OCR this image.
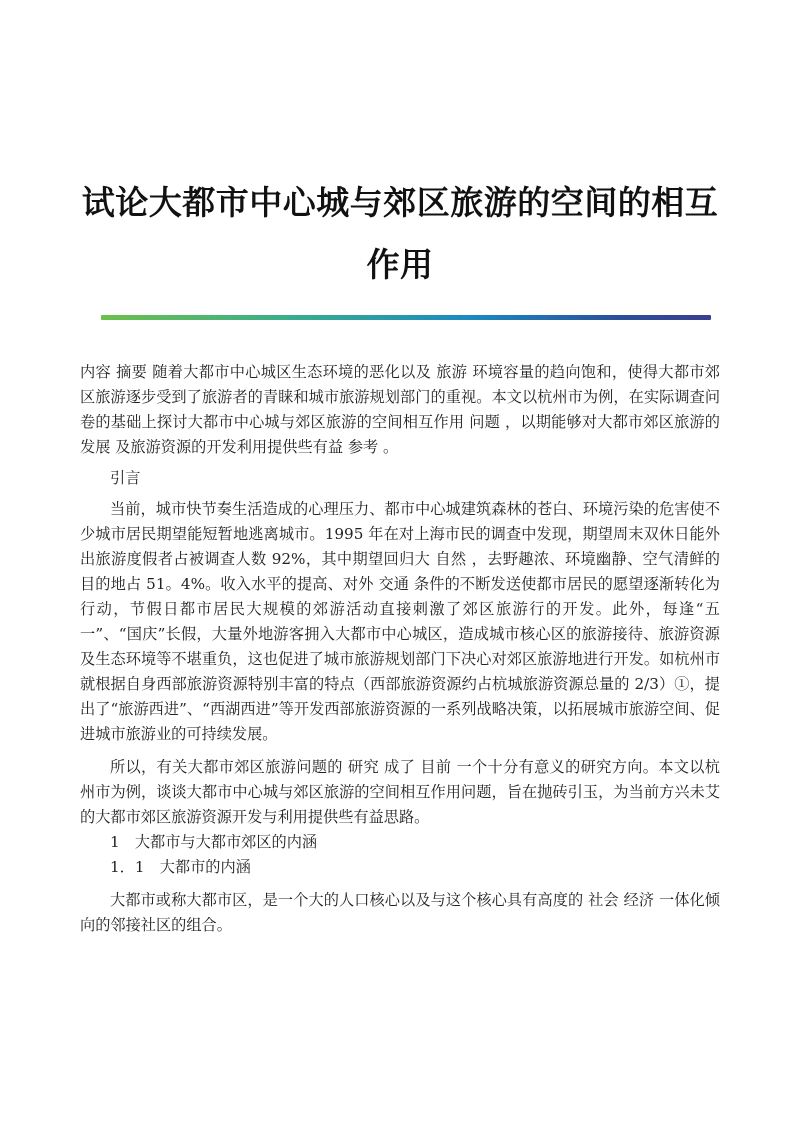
试论大都市中心城与郊区旅游的空间的相互
作用

内容 摘要 随着大都市中心城区生态环境的恶化以及 旅游 环境容量的趋向饱和，使得大都市郊区旅游逐步受到了旅游者的青睐和城市旅游规划部门的重视。本文以杭州市为例，在实际调查问卷的基础上探讨大都市中心城与郊区旅游的空间相互作用 问题 ，以期能够对大都市郊区旅游的 发展 及旅游资源的开发利用提供些有益 参考 。

引言

当前，城市快节奏生活造成的心理压力、都市中心城建筑森林的苍白、环境污染的危害使不少城市居民期望能短暂地逃离城市。1995 年在对上海市民的调查中发现，期望周末双休日能外出旅游度假者占被调查人数 92%，其中期望回归大 自然 ，去野趣浓、环境幽静、空气清鲜的目的地占 51。4%。收入水平的提高、对外 交通 条件的不断发送使都市居民的愿望逐渐转化为行动，节假日都市居民大规模的郊游活动直接刺激了郊区旅游行的开发。此外，每逢“五一”、“国庆”长假，大量外地游客拥入大都市中心城区，造成城市核心区的旅游接待、旅游资源及生态环境等不堪重负，这也促进了城市旅游规划部门下决心对郊区旅游地进行开发。如杭州市就根据自身西部旅游资源特别丰富的特点（西部旅游资源约占杭城旅游资源总量的 2/3）①，提出了“旅游西进”、“西湖西进”等开发西部旅游资源的一系列战略决策，以拓展城市旅游空间、促进城市旅游业的可持续发展。

所以，有关大都市郊区旅游问题的 研究 成了 目前 一个十分有意义的研究方向。本文以杭州市为例，谈谈大都市中心城与郊区旅游的空间相互作用问题，旨在抛砖引玉，为当前方兴未艾的大都市郊区旅游资源开发与利用提供些有益思路。

1　大都市与大都市郊区的内涵

1．1　大都市的内涵

大都市或称大都市区，是一个大的人口核心以及与这个核心具有高度的 社会 经济 一体化倾向的邻接社区的组合。
